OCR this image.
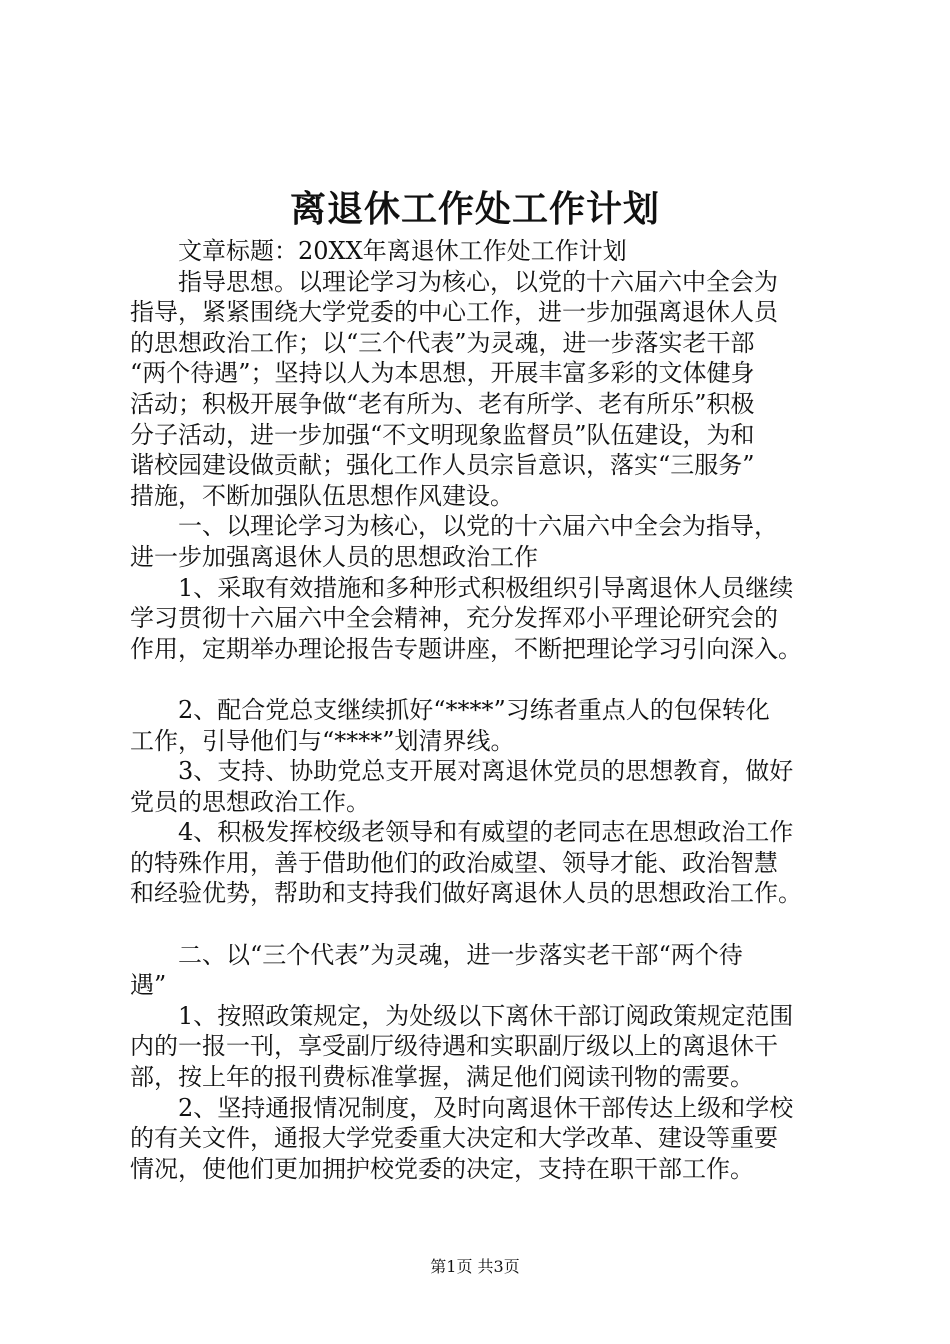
离退休工作处工作计划
　　文章标题：20XX年离退休工作处工作计划
　　指导思想。以理论学习为核心，以党的十六届六中全会为
指导，紧紧围绕大学党委的中心工作，进一步加强离退休人员
的思想政治工作；以“三个代表”为灵魂，进一步落实老干部
“两个待遇”；坚持以人为本思想，开展丰富多彩的文体健身
活动；积极开展争做“老有所为、老有所学、老有所乐”积极
分子活动，进一步加强“不文明现象监督员”队伍建设，为和
谐校园建设做贡献；强化工作人员宗旨意识，落实“三服务”
措施，不断加强队伍思想作风建设。
　　一、以理论学习为核心，以党的十六届六中全会为指导，
进一步加强离退休人员的思想政治工作
　　1、采取有效措施和多种形式积极组织引导离退休人员继续
学习贯彻十六届六中全会精神，充分发挥邓小平理论研究会的
作用，定期举办理论报告专题讲座，不断把理论学习引向深入。
　　2、配合党总支继续抓好“****”习练者重点人的包保转化
工作，引导他们与“****”划清界线。
　　3、支持、协助党总支开展对离退休党员的思想教育，做好
党员的思想政治工作。
　　4、积极发挥校级老领导和有威望的老同志在思想政治工作
的特殊作用，善于借助他们的政治威望、领导才能、政治智慧
和经验优势，帮助和支持我们做好离退休人员的思想政治工作。
　　二、以“三个代表”为灵魂，进一步落实老干部“两个待
遇”
　　1、按照政策规定，为处级以下离休干部订阅政策规定范围
内的一报一刊，享受副厅级待遇和实职副厅级以上的离退休干
部，按上年的报刊费标准掌握，满足他们阅读刊物的需要。
　　2、坚持通报情况制度，及时向离退休干部传达上级和学校
的有关文件，通报大学党委重大决定和大学改革、建设等重要
情况，使他们更加拥护校党委的决定，支持在职干部工作。
第1页 共3页
